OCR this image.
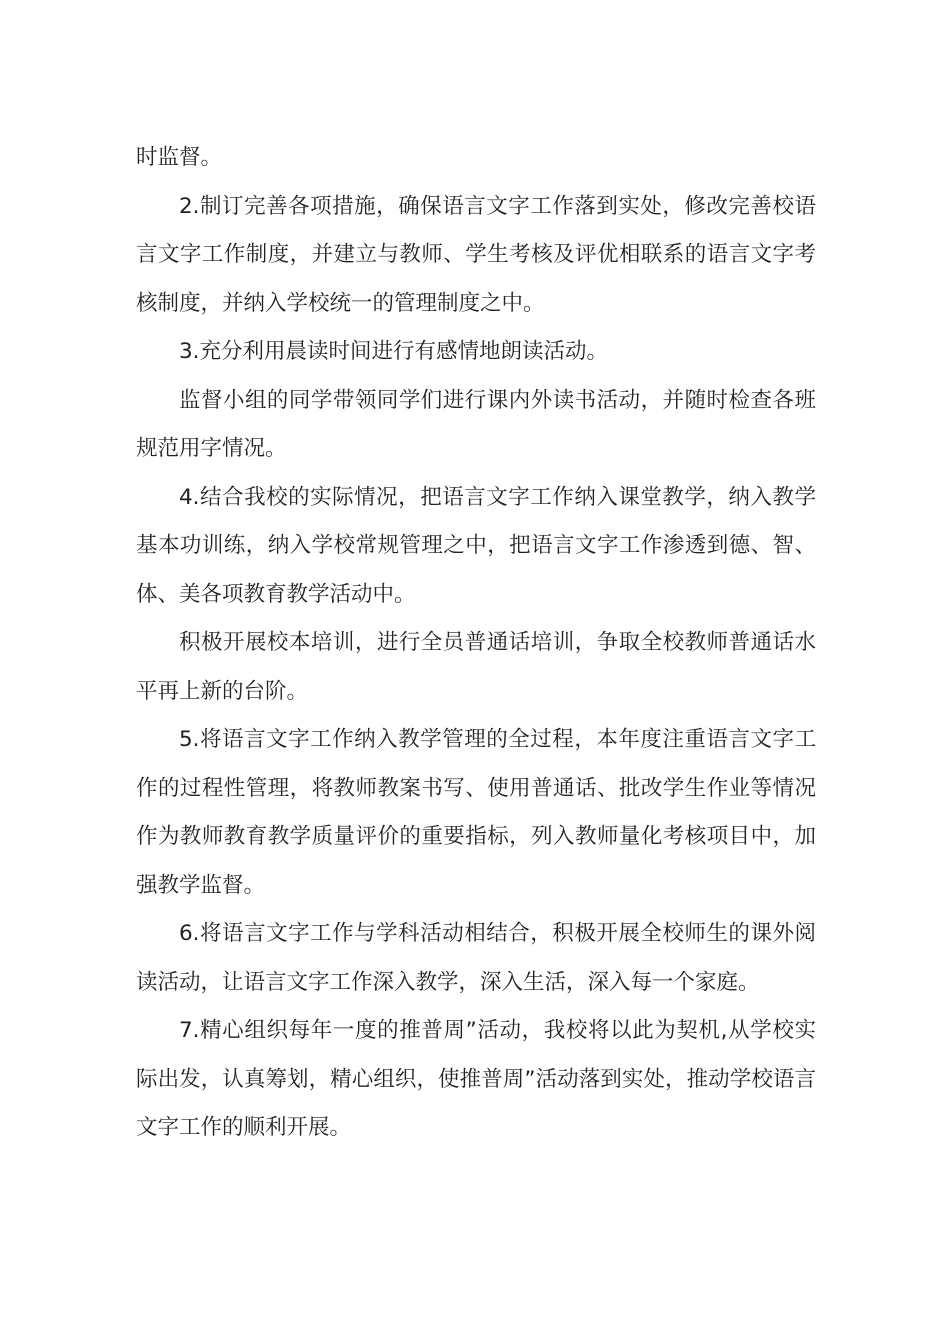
时监督。

2.制订完善各项措施，确保语言文字工作落到实处，修改完善校语言文字工作制度，并建立与教师、学生考核及评优相联系的语言文字考核制度，并纳入学校统一的管理制度之中。

3.充分利用晨读时间进行有感情地朗读活动。

监督小组的同学带领同学们进行课内外读书活动，并随时检查各班规范用字情况。

4.结合我校的实际情况，把语言文字工作纳入课堂教学，纳入教学基本功训练，纳入学校常规管理之中，把语言文字工作渗透到德、智、体、美各项教育教学活动中。

积极开展校本培训，进行全员普通话培训，争取全校教师普通话水平再上新的台阶。

5.将语言文字工作纳入教学管理的全过程，本年度注重语言文字工作的过程性管理，将教师教案书写、使用普通话、批改学生作业等情况作为教师教育教学质量评价的重要指标，列入教师量化考核项目中，加强教学监督。

6.将语言文字工作与学科活动相结合，积极开展全校师生的课外阅读活动，让语言文字工作深入教学，深入生活，深入每一个家庭。

7.精心组织每年一度的推普周”活动，我校将以此为契机,从学校实际出发，认真筹划，精心组织，使推普周”活动落到实处，推动学校语言文字工作的顺利开展。
